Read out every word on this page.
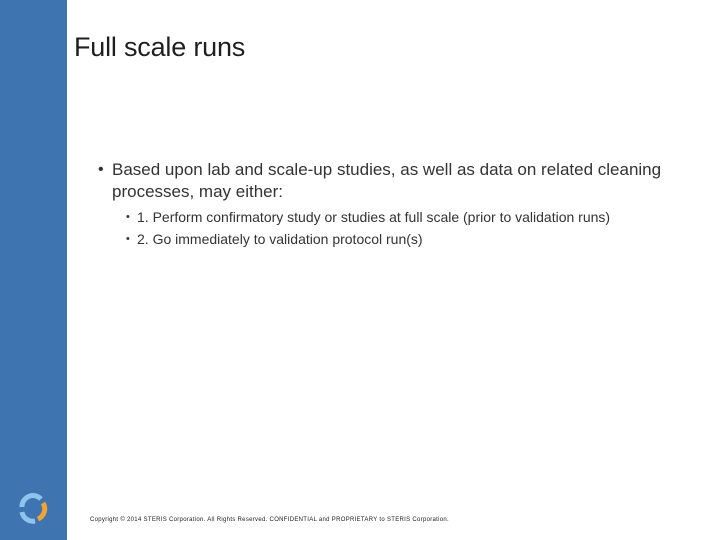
Full scale runs
• Based upon lab and scale-up studies, as well as data on related cleaning processes, may either:
• 1. Perform confirmatory study or studies at full scale (prior to validation runs)
• 2. Go immediately to validation protocol run(s)
Copyright © 2014 STERIS Corporation. All Rights Reserved. CONFIDENTIAL and PROPRIETARY to STERIS Corporation.
